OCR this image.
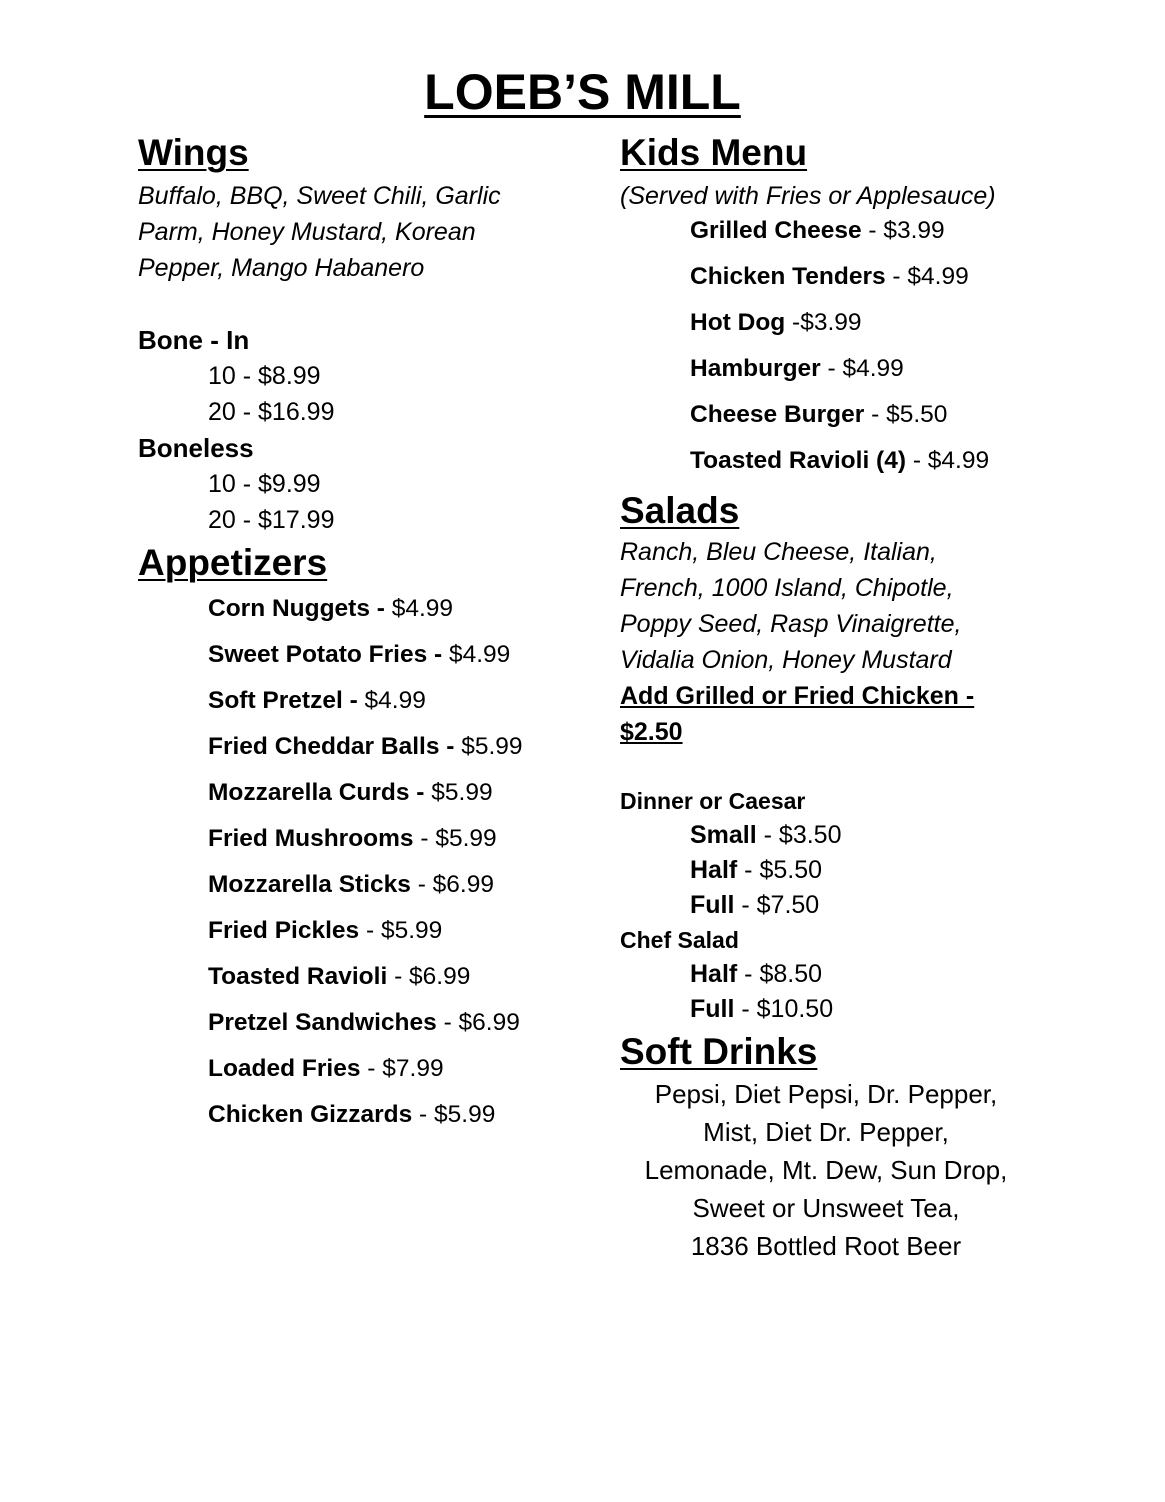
LOEB’S MILL
Wings

Buffalo, BBQ, Sweet Chili, Garlic

Parm, Honey Mustard, Korean

Pepper, Mango Habanero

Bone - In

10 - $8.99

20 - $16.99

Boneless

10 - $9.99

20 - $17.99

Appetizers

Corn Nuggets - $4.99

Sweet Potato Fries - $4.99

Soft Pretzel - $4.99

Fried Cheddar Balls - $5.99

Mozzarella Curds - $5.99

Fried Mushrooms - $5.99

Mozzarella Sticks - $6.99

Fried Pickles - $5.99

Toasted Ravioli - $6.99

Pretzel Sandwiches - $6.99

Loaded Fries - $7.99

Chicken Gizzards - $5.99

Kids Menu

(Served with Fries or Applesauce)

Grilled Cheese - $3.99

Chicken Tenders - $4.99

Hot Dog -$3.99

Hamburger - $4.99

Cheese Burger - $5.50

Toasted Ravioli (4) - $4.99

Salads

Ranch, Bleu Cheese, Italian,

French, 1000 Island, Chipotle,

Poppy Seed, Rasp Vinaigrette,

Vidalia Onion, Honey Mustard

Add Grilled or Fried Chicken -

$2.50

Dinner or Caesar

Small - $3.50

Half - $5.50

Full - $7.50

Chef Salad

Half - $8.50

Full - $10.50

Soft Drinks

Pepsi, Diet Pepsi, Dr. Pepper,

Mist, Diet Dr. Pepper,

Lemonade, Mt. Dew, Sun Drop,

Sweet or Unsweet Tea,

1836 Bottled Root Beer
